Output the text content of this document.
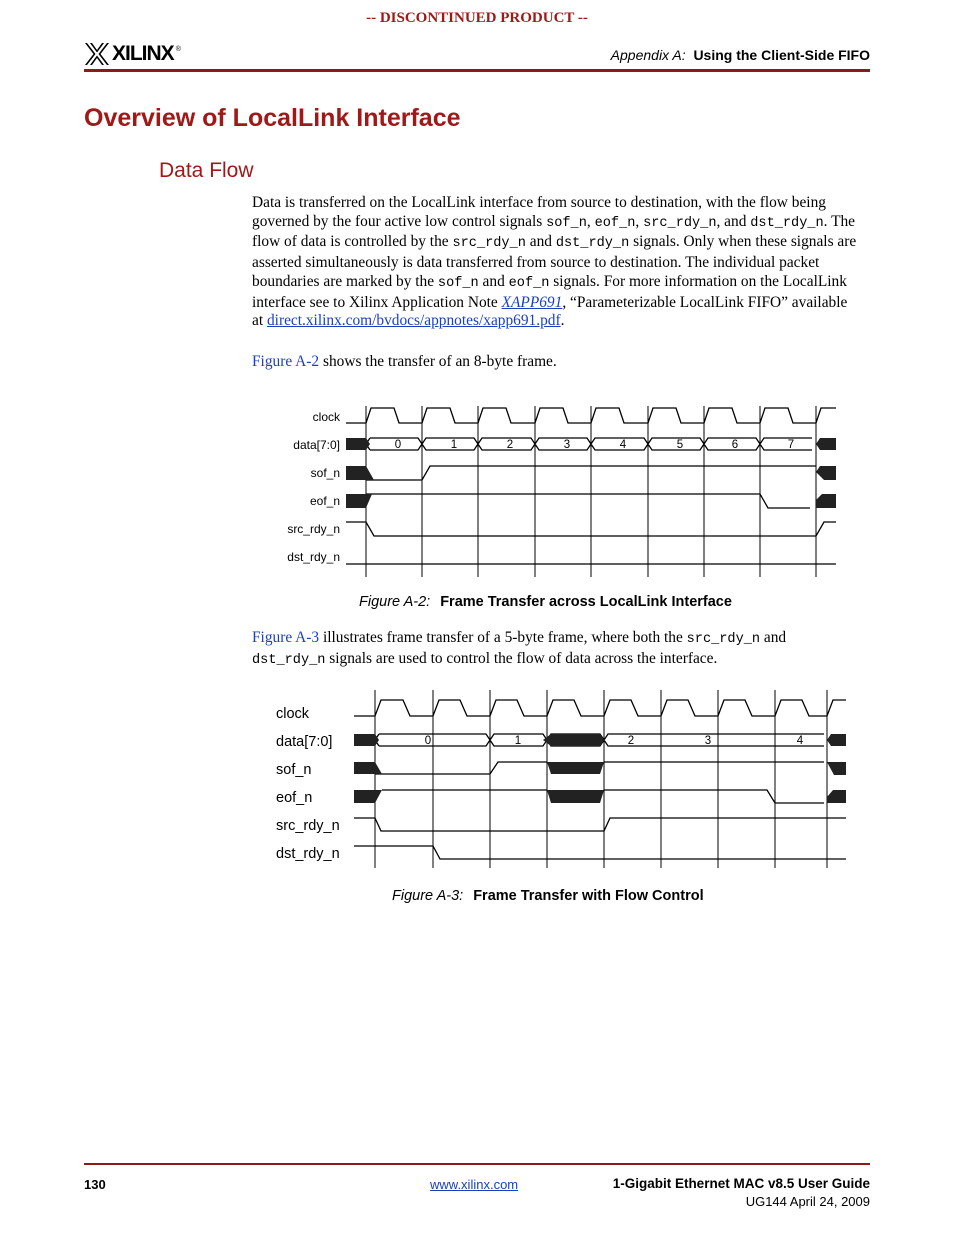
-- DISCONTINUED PRODUCT --
XILINX ®	Appendix A: Using the Client-Side FIFO
Overview of LocalLink Interface
Data Flow
Data is transferred on the LocalLink interface from source to destination, with the flow being governed by the four active low control signals sof_n, eof_n, src_rdy_n, and dst_rdy_n. The flow of data is controlled by the src_rdy_n and dst_rdy_n signals. Only when these signals are asserted simultaneously is data transferred from source to destination. The individual packet boundaries are marked by the sof_n and eof_n signals. For more information on the LocalLink interface see to Xilinx Application Note XAPP691, “Parameterizable LocalLink FIFO” available at direct.xilinx.com/bvdocs/appnotes/xapp691.pdf.
Figure A-2 shows the transfer of an 8-byte frame.
clock
data[7:0]
sof_n
eof_n
src_rdy_n
dst_rdy_n
0	1	2	3	4	5	6	7
Figure A-2: Frame Transfer across LocalLink Interface
Figure A-3 illustrates frame transfer of a 5-byte frame, where both the src_rdy_n and dst_rdy_n signals are used to control the flow of data across the interface.
clock
data[7:0]
sof_n
eof_n
src_rdy_n
dst_rdy_n
0	1	2	3	4
Figure A-3: Frame Transfer with Flow Control
130	www.xilinx.com	1-Gigabit Ethernet MAC v8.5 User Guide
UG144 April 24, 2009
